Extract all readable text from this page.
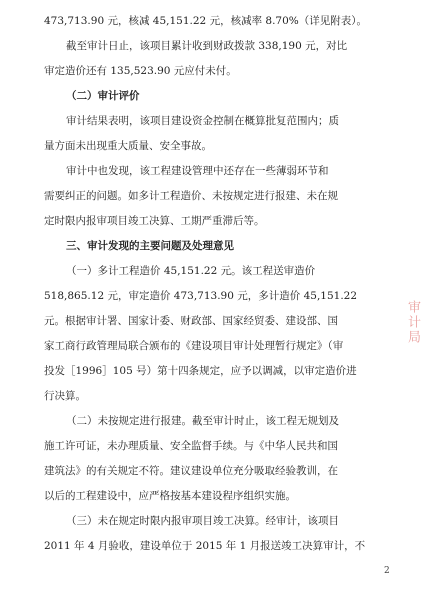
473,713.90 元，核减 45,151.22 元，核减率 8.70%（详见附表）。
截至审计日止，该项目累计收到财政拨款 338,190 元，对比
审定造价还有 135,523.90 元应付未付。
（二）审计评价
审计结果表明，该项目建设资金控制在概算批复范围内；质
量方面未出现重大质量、安全事故。
审计中也发现，该工程建设管理中还存在一些薄弱环节和
需要纠正的问题。如多计工程造价、未按规定进行报建、未在规
定时限内报审项目竣工决算、工期严重滞后等。
三、审计发现的主要问题及处理意见
（一）多计工程造价 45,151.22 元。该工程送审造价
518,865.12 元，审定造价 473,713.90 元，多计造价 45,151.22
元。根据审计署、国家计委、财政部、国家经贸委、建设部、国
家工商行政管理局联合颁布的《建设项目审计处理暂行规定》（审
投发［1996］105 号）第十四条规定，应予以调减，以审定造价进
行决算。
（二）未按规定进行报建。截至审计时止，该工程无规划及
施工许可证，未办理质量、安全监督手续。与《中华人民共和国
建筑法》的有关规定不符。建议建设单位充分吸取经验教训，在
以后的工程建设中，应严格按基本建设程序组织实施。
（三）未在规定时限内报审项目竣工决算。经审计，该项目
2011 年 4 月验收，建设单位于 2015 年 1 月报送竣工决算审计，不
审计局
2
